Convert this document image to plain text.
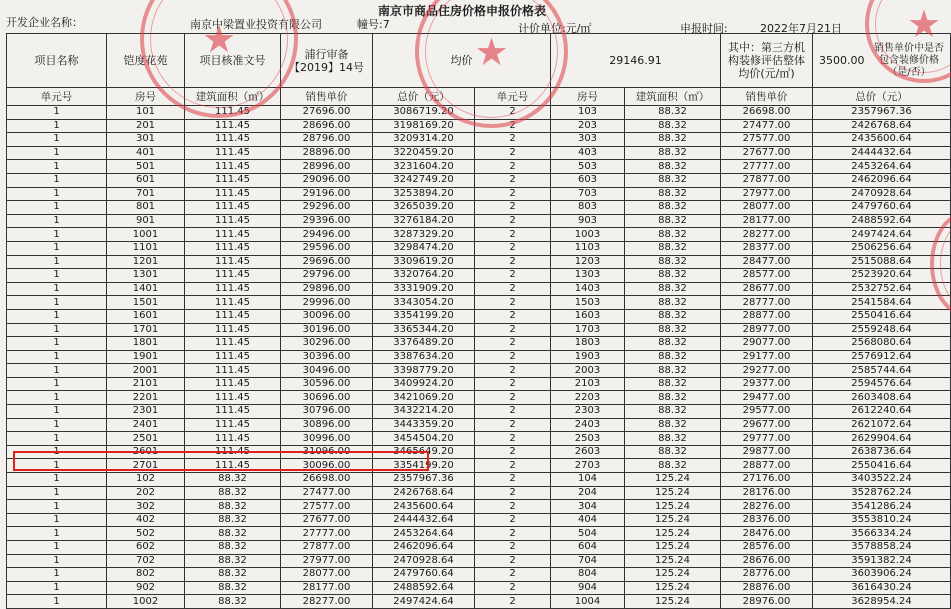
南京市商品住房价格申报价格表
开发企业名称：	南京中梁置业投资有限公司	幢号:7	计价单位:元/㎡	申报时间:	2022年7月21日
项目名称	铠度花苑	项目核准文号	浦行审备【2019】14号	均价		29146.91		其中：第三方机构装修评估整体均价(元/㎡)	3500.00 销售单价中是否包含装修价格（是/否）
单元号	房号	建筑面积（㎡）	销售单价	总价（元）	单元号	房号	建筑面积（㎡）	销售单价	总价（元）
1	101	111.45	27696.00	3086719.20	2	103	88.32	26698.00	2357967.36
1	201	111.45	28696.00	3198169.20	2	203	88.32	27477.00	2426768.64
1	301	111.45	28796.00	3209314.20	2	303	88.32	27577.00	2435600.64
1	401	111.45	28896.00	3220459.20	2	403	88.32	27677.00	2444432.64
1	501	111.45	28996.00	3231604.20	2	503	88.32	27777.00	2453264.64
1	601	111.45	29096.00	3242749.20	2	603	88.32	27877.00	2462096.64
1	701	111.45	29196.00	3253894.20	2	703	88.32	27977.00	2470928.64
1	801	111.45	29296.00	3265039.20	2	803	88.32	28077.00	2479760.64
1	901	111.45	29396.00	3276184.20	2	903	88.32	28177.00	2488592.64
1	1001	111.45	29496.00	3287329.20	2	1003	88.32	28277.00	2497424.64
1	1101	111.45	29596.00	3298474.20	2	1103	88.32	28377.00	2506256.64
1	1201	111.45	29696.00	3309619.20	2	1203	88.32	28477.00	2515088.64
1	1301	111.45	29796.00	3320764.20	2	1303	88.32	28577.00	2523920.64
1	1401	111.45	29896.00	3331909.20	2	1403	88.32	28677.00	2532752.64
1	1501	111.45	29996.00	3343054.20	2	1503	88.32	28777.00	2541584.64
1	1601	111.45	30096.00	3354199.20	2	1603	88.32	28877.00	2550416.64
1	1701	111.45	30196.00	3365344.20	2	1703	88.32	28977.00	2559248.64
1	1801	111.45	30296.00	3376489.20	2	1803	88.32	29077.00	2568080.64
1	1901	111.45	30396.00	3387634.20	2	1903	88.32	29177.00	2576912.64
1	2001	111.45	30496.00	3398779.20	2	2003	88.32	29277.00	2585744.64
1	2101	111.45	30596.00	3409924.20	2	2103	88.32	29377.00	2594576.64
1	2201	111.45	30696.00	3421069.20	2	2203	88.32	29477.00	2603408.64
1	2301	111.45	30796.00	3432214.20	2	2303	88.32	29577.00	2612240.64
1	2401	111.45	30896.00	3443359.20	2	2403	88.32	29677.00	2621072.64
1	2501	111.45	30996.00	3454504.20	2	2503	88.32	29777.00	2629904.64
1	2601	111.45	31096.00	3465649.20	2	2603	88.32	29877.00	2638736.64
1	2701	111.45	30096.00	3354199.20	2	2703	88.32	28877.00	2550416.64
1	102	88.32	26698.00	2357967.36	2	104	125.24	27176.00	3403522.24
1	202	88.32	27477.00	2426768.64	2	204	125.24	28176.00	3528762.24
1	302	88.32	27577.00	2435600.64	2	304	125.24	28276.00	3541286.24
1	402	88.32	27677.00	2444432.64	2	404	125.24	28376.00	3553810.24
1	502	88.32	27777.00	2453264.64	2	504	125.24	28476.00	3566334.24
1	602	88.32	27877.00	2462096.64	2	604	125.24	28576.00	3578858.24
1	702	88.32	27977.00	2470928.64	2	704	125.24	28676.00	3591382.24
1	802	88.32	28077.00	2479760.64	2	804	125.24	28776.00	3603906.24
1	902	88.32	28177.00	2488592.64	2	904	125.24	28876.00	3616430.24
1	1002	88.32	28277.00	2497424.64	2	1004	125.24	28976.00	3628954.24
★	★
★
